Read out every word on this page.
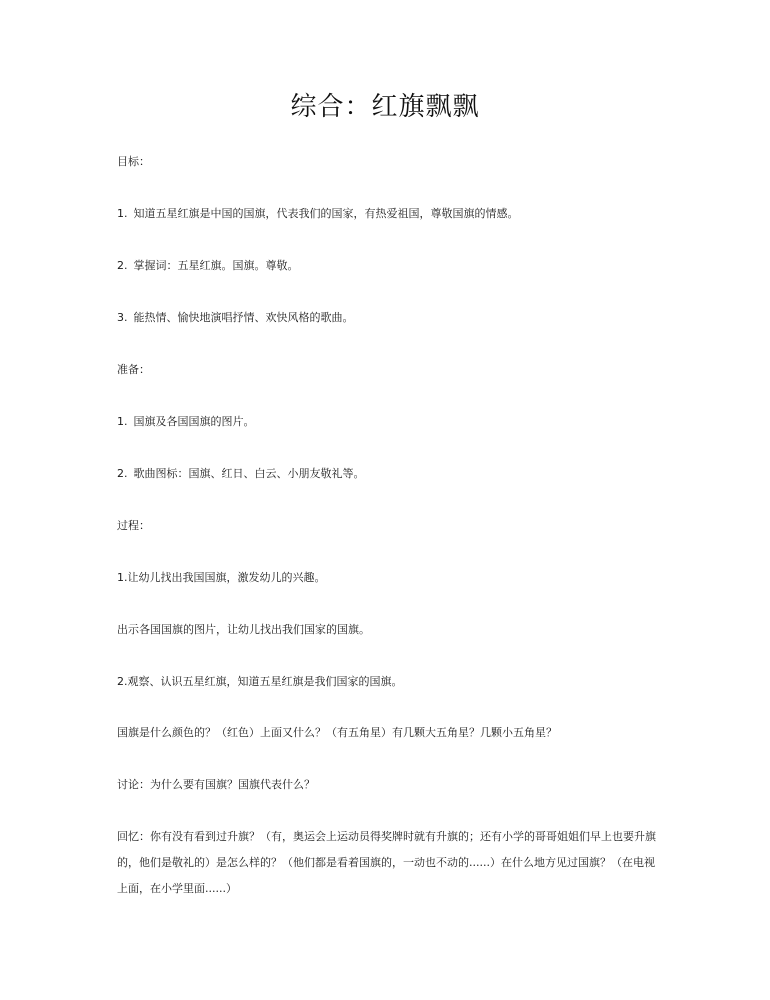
综合：红旗飘飘
目标：
1. 知道五星红旗是中国的国旗，代表我们的国家，有热爱祖国，尊敬国旗的情感。
2. 掌握词：五星红旗。国旗。尊敬。
3. 能热情、愉快地演唱抒情、欢快风格的歌曲。
准备：
1. 国旗及各国国旗的图片。
2. 歌曲图标：国旗、红日、白云、小朋友敬礼等。
过程：
1.让幼儿找出我国国旗，激发幼儿的兴趣。
出示各国国旗的图片，让幼儿找出我们国家的国旗。
2.观察、认识五星红旗，知道五星红旗是我们国家的国旗。
国旗是什么颜色的？（红色）上面又什么？（有五角星）有几颗大五角星？几颗小五角星？
讨论：为什么要有国旗？国旗代表什么？
回忆：你有没有看到过升旗？（有，奥运会上运动员得奖牌时就有升旗的；还有小学的哥哥姐姐们早上也要升旗的，他们是敬礼的）是怎么样的？（他们都是看着国旗的，一动也不动的......）在什么地方见过国旗？（在电视上面，在小学里面......）
